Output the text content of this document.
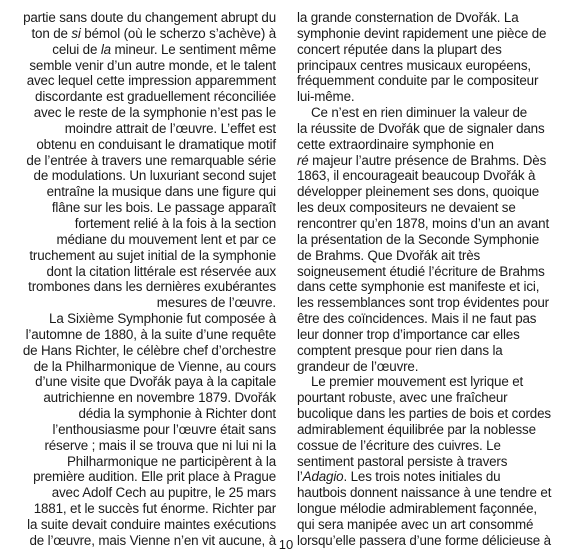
partie sans doute du changement abrupt du
ton de si bémol (où le scherzo s’achève) à
celui de la mineur. Le sentiment même
semble venir d’un autre monde, et le talent
avec lequel cette impression apparemment
discordante est graduellement réconciliée
avec le reste de la symphonie n’est pas le
moindre attrait de l’œuvre. L’effet est
obtenu en conduisant le dramatique motif
de l’entrée à travers une remarquable série
de modulations. Un luxuriant second sujet
entraîne la musique dans une figure qui
flâne sur les bois. Le passage apparaît
fortement relié à la fois à la section
médiane du mouvement lent et par ce
truchement au sujet initial de la symphonie
dont la citation littérale est réservée aux
trombones dans les dernières exubérantes
mesures de l’œuvre.
La Sixième Symphonie fut composée à
l’automne de 1880, à la suite d’une requête
de Hans Richter, le célèbre chef d’orchestre
de la Philharmonique de Vienne, au cours
d’une visite que Dvořák paya à la capitale
autrichienne en novembre 1879. Dvořák
dédia la symphonie à Richter dont
l’enthousiasme pour l’œuvre était sans
réserve ; mais il se trouva que ni lui ni la
Philharmonique ne participèrent à la
première audition. Elle prit place à Prague
avec Adolf Cech au pupitre, le 25 mars
1881, et le succès fut énorme. Richter par
la suite devait conduire maintes exécutions
de l’œuvre, mais Vienne n’en vit aucune, à
la grande consternation de Dvořák. La
symphonie devint rapidement une pièce de
concert réputée dans la plupart des
principaux centres musicaux européens,
fréquemment conduite par le compositeur
lui-même.
Ce n’est en rien diminuer la valeur de
la réussite de Dvořák que de signaler dans
cette extraordinaire symphonie en
ré majeur l’autre présence de Brahms. Dès
1863, il encourageait beaucoup Dvořák à
développer pleinement ses dons, quoique
les deux compositeurs ne devaient se
rencontrer qu’en 1878, moins d’un an avant
la présentation de la Seconde Symphonie
de Brahms. Que Dvořák ait très
soigneusement étudié l’écriture de Brahms
dans cette symphonie est manifeste et ici,
les ressemblances sont trop évidentes pour
être des coïncidences. Mais il ne faut pas
leur donner trop d’importance car elles
comptent presque pour rien dans la
grandeur de l’œuvre.
Le premier mouvement est lyrique et
pourtant robuste, avec une fraîcheur
bucolique dans les parties de bois et cordes
admirablement équilibrée par la noblesse
cossue de l’écriture des cuivres. Le
sentiment pastoral persiste à travers
l’Adagio. Les trois notes initiales du
hautbois donnent naissance à une tendre et
longue mélodie admirablement façonnée,
qui sera manipée avec un art consommé
lorsqu’elle passera d’une forme délicieuse à
10
